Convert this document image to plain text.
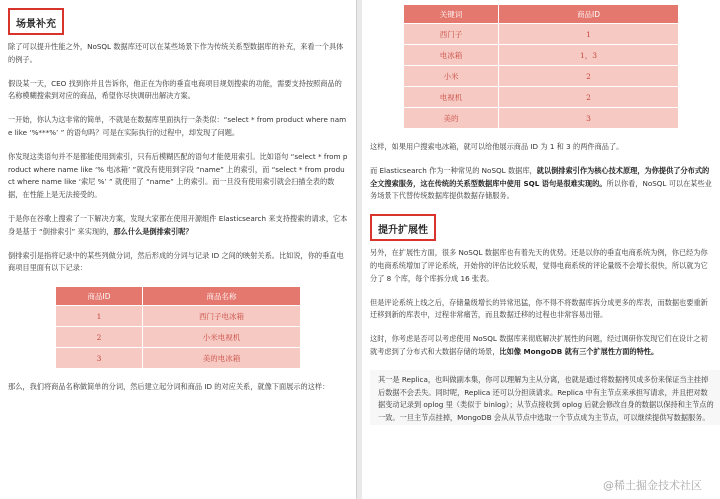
场景补充

除了可以提升性能之外，NoSQL 数据库还可以在某些场景下作为传统关系型数据库的补充，来看一个具体的例子。

假设某一天，CEO 找到你并且告诉你，他正在为你的垂直电商项目规划搜索的功能，需要支持按照商品的名称模糊搜索到对应的商品，希望你尽快调研出解决方案。

一开始，你认为这非常的简单，不就是在数据库里面执行一条类似：“select * from product where name like ‘%***%’ ” 的语句吗？可是在实际执行的过程中，却发现了问题。

你发现这类语句并不是都能使用到索引，只有后模糊匹配的语句才能使用索引。比如语句 “select * from product where name like ‘% 电冰箱’ ”就没有使用到字段 “name” 上的索引，而 “select * from product where name like ‘索尼 %’ ” 就使用了 “name” 上的索引。而一旦没有使用索引就会扫描全表的数据，在性能上是无法接受的。

于是你在谷歌上搜索了一下解决方案，发现大家都在使用开源组件 Elasticsearch 来支持搜索的请求，它本身是基于 “倒排索引” 来实现的，那么什么是倒排索引呢？

倒排索引是指将记录中的某些列做分词，然后形成的分词与记录 ID 之间的映射关系。比如说，你的垂直电商项目里面有以下记录：

商品ID	商品名称
1	西门子电冰箱
2	小米电视机
3	美的电冰箱

那么，我们将商品名称做简单的分词，然后建立起分词和商品 ID 的对应关系，就像下面展示的这样：

关键词	商品ID
西门子	1
电冰箱	1，3
小米	2
电视机	2
美的	3

这样，如果用户搜索电冰箱，就可以给他展示商品 ID 为 1 和 3 的两件商品了。

而 Elasticsearch 作为一种常见的 NoSQL 数据库，就以倒排索引作为核心技术原理，为你提供了分布式的全文搜索服务，这在传统的关系型数据库中使用 SQL 语句是很难实现的。所以你看，NoSQL 可以在某些业务场景下代替传统数据库提供数据存储服务。

提升扩展性

另外，在扩展性方面，很多 NoSQL 数据库也有着先天的优势。还是以你的垂直电商系统为例，你已经为你的电商系统增加了评论系统，开始你的评估比较乐观，觉得电商系统的评论量级不会增长很快，所以就为它分了 8 个库，每个库拆分成 16 张表。

但是评论系统上线之后，存储量级增长的异常迅猛，你不得不将数据库拆分成更多的库表，而数据也要重新迁移到新的库表中，过程非常痛苦，而且数据迁移的过程也非常容易出错。

这时，你考虑是否可以考虑使用 NoSQL 数据库来彻底解决扩展性的问题，经过调研你发现它们在设计之初就考虑到了分布式和大数据存储的场景，比如像 MongoDB 就有三个扩展性方面的特性。

其一是 Replica，也叫做副本集，你可以理解为主从分离，也就是通过将数据拷贝成多份来保证当主挂掉后数据不会丢失。同时呢，Replica 还可以分担读请求。Replica 中有主节点来承担写请求，并且把对数据变动记录到 oplog 里（类似于 binlog）；从节点接收到 oplog 后就会修改自身的数据以保持和主节点的一致。一旦主节点挂掉，MongoDB 会从从节点中选取一个节点成为主节点，可以继续提供写数据服务。

@稀土掘金技术社区
